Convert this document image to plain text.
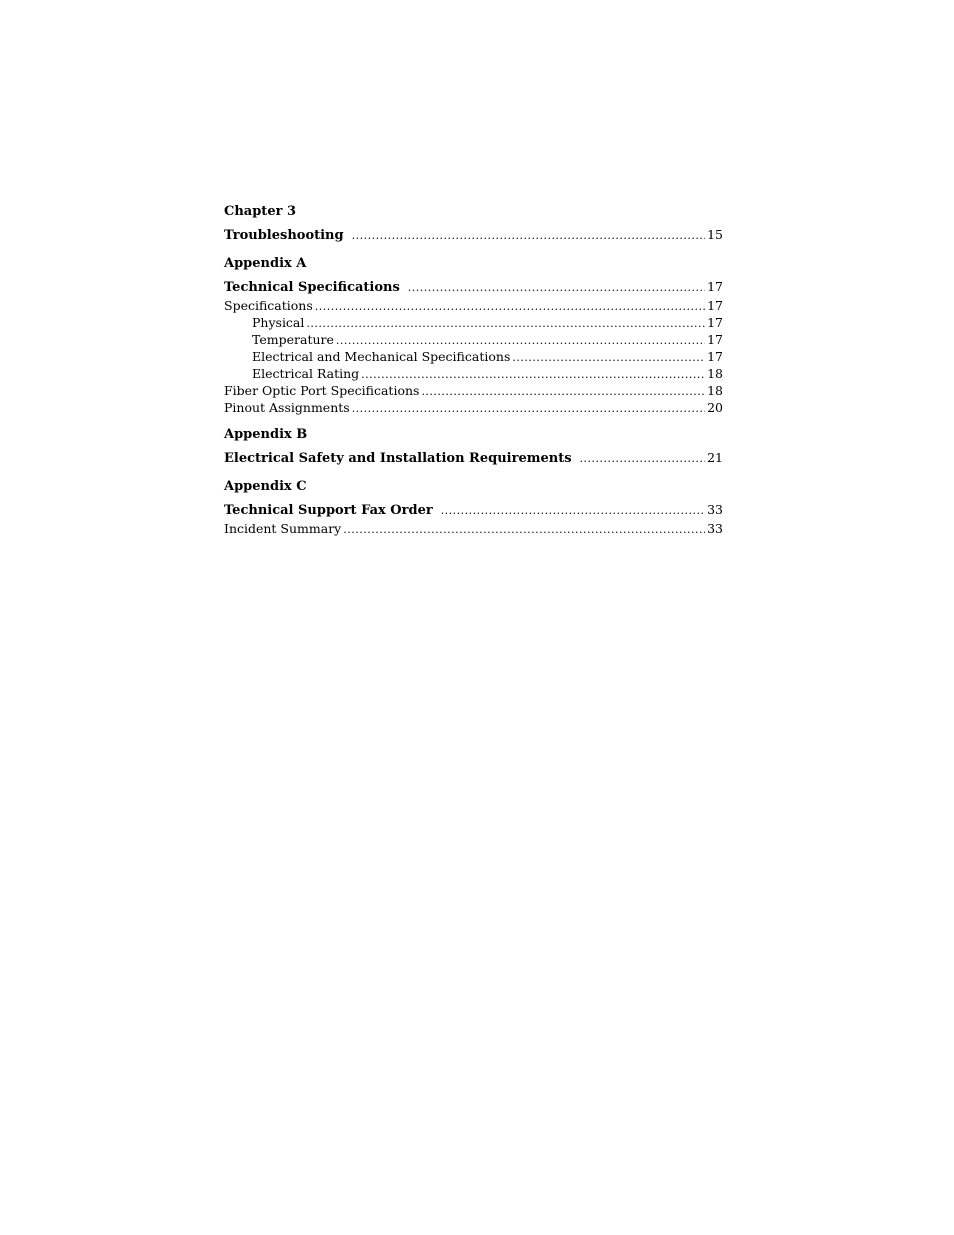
Chapter 3
Troubleshooting .....	15
Appendix A
Technical Specifications .....	17
Specifications .....	17
Physical .....	17
Temperature .....	17
Electrical and Mechanical Specifications .....	17
Electrical Rating .....	18
Fiber Optic Port Specifications .....	18
Pinout Assignments .....	20
Appendix B
Electrical Safety and Installation Requirements .....	21
Appendix C
Technical Support Fax Order .....	33
Incident Summary .....	33
